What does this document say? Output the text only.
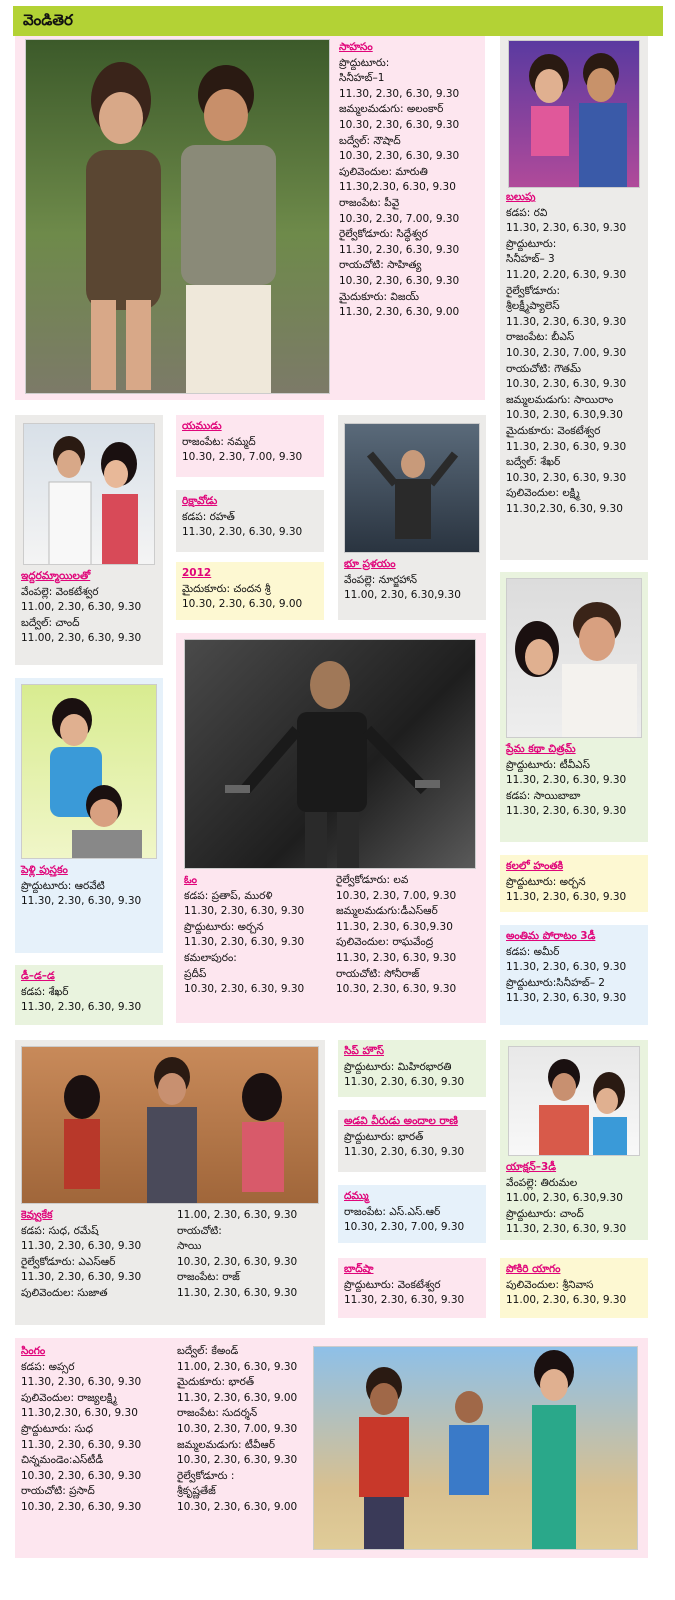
వెండితెర
సాహసం
ప్రొద్దుటూరు:
సినీహబ్–1
11.30, 2.30, 6.30, 9.30
జమ్మలమడుగు: అలంకార్
10.30, 2.30, 6.30, 9.30
బద్వేల్: నౌషాద్
10.30, 2.30, 6.30, 9.30
పులివెందుల: మారుతి
11.30,2.30, 6.30, 9.30
రాజంపేట: పీవై
10.30, 2.30, 7.00, 9.30
రైల్వేకోడూరు: సిద్ధేశ్వర
11.30, 2.30, 6.30, 9.30
రాయచోటి: సాహిత్య
10.30, 2.30, 6.30, 9.30
మైదుకూరు: విజయ్
11.30, 2.30, 6.30, 9.00
బలుపు
కడప: రవి
11.30, 2.30, 6.30, 9.30
ప్రొద్దుటూరు:
సినీహబ్– 3
11.20, 2.20, 6.30, 9.30
రైల్వేకోడూరు:
శ్రీలక్ష్మీప్యాలెస్
11.30, 2.30, 6.30, 9.30
రాజంపేట: బీఎస్
10.30, 2.30, 7.00, 9.30
రాయచోటి: గౌతమ్
10.30, 2.30, 6.30, 9.30
జమ్మలమడుగు: సాయిరాం
10.30, 2.30, 6.30,9.30
మైదుకూరు: వెంకటేశ్వర
11.30, 2.30, 6.30, 9.30
బద్వేల్: శేఖర్
10.30, 2.30, 6.30, 9.30
పులివెందుల: లక్ష్మి
11.30,2.30, 6.30, 9.30
ఇద్దరమ్మాయిలతో
వేంపల్లె: వెంకటేశ్వర
11.00, 2.30, 6.30, 9.30
బద్వేల్: చాంద్
11.00, 2.30, 6.30, 9.30
యముడు
రాజంపేట: నమ్మద్
10.30, 2.30, 7.00, 9.30
రిక్షావోడు
కడప: రహత్
11.30, 2.30, 6.30, 9.30
2012
మైదుకూరు: చందన శ్రీ
10.30, 2.30, 6.30, 9.00
భూ ప్రళయం
వేంపల్లె: నూర్జహాన్
11.00, 2.30, 6.30,9.30
ప్రేమ కథా చిత్రమ్
ప్రొద్దుటూరు: టీవీఎస్
11.30, 2.30, 6.30, 9.30
కడప: సాయిబాబా
11.30, 2.30, 6.30, 9.30
పెళ్లి పుస్తకం
ప్రొద్దుటూరు: ఆరవేటి
11.30, 2.30, 6.30, 9.30
ఓం
కడప: ప్రతాప్, మురళి
11.30, 2.30, 6.30, 9.30
ప్రొద్దుటూరు: అర్చన
11.30, 2.30, 6.30, 9.30
కమలాపురం:
ప్రదీప్
10.30, 2.30, 6.30, 9.30
రైల్వేకోడూరు: లవ
10.30, 2.30, 7.00, 9.30
జమ్మలమడుగు:డీఎస్ఆర్
11.30, 2.30, 6.30,9.30
పులివెందుల: రాఘవేంద్ర
11.30, 2.30, 6.30, 9.30
రాయచోటి: సోనీరాజ్
10.30, 2.30, 6.30, 9.30
కలలో హంతకి
ప్రొద్దుటూరు: అర్చన
11.30, 2.30, 6.30, 9.30
డీ–డ–డ
కడప: శేఖర్
11.30, 2.30, 6.30, 9.30
అంతిమ పోరాటం 3డీ
కడప: అమీర్
11.30, 2.30, 6.30, 9.30
ప్రొద్దుటూరు:సినీహబ్– 2
11.30, 2.30, 6.30, 9.30
కెవ్వుకేక
కడప: సుధ, రమేష్
11.30, 2.30, 6.30, 9.30
రైల్వేకోడూరు: ఎఎస్ఆర్
11.30, 2.30, 6.30, 9.30
పులివెందుల: సుజాత
11.00, 2.30, 6.30, 9.30
రాయచోటి:
సాయి
10.30, 2.30, 6.30, 9.30
రాజంపేట: రాజ్
11.30, 2.30, 6.30, 9.30
సిప్ హౌస్
ప్రొద్దుటూరు: మిహిరభారతి
11.30, 2.30, 6.30, 9.30
అడవి వీరుడు అందాల రాణి
ప్రొద్దుటూరు: భారత్
11.30, 2.30, 6.30, 9.30
యాక్షన్–3డీ
వేంపల్లె: తిరుమల
11.00, 2.30, 6.30,9.30
ప్రొద్దుటూరు: చాంద్
11.30, 2.30, 6.30, 9.30
దమ్ము
రాజంపేట: ఎస్.ఎస్.ఆర్
10.30, 2.30, 7.00, 9.30
బాద్‌షా
ప్రొద్దుటూరు: వెంకటేశ్వర
11.30, 2.30, 6.30, 9.30
పోకిరి యాగం
పులివెందుల: శ్రీనివాస
11.00, 2.30, 6.30, 9.30
సింగం
కడప: అప్సర
11.30, 2.30, 6.30, 9.30
పులివెందుల: రాజ్యలక్ష్మి
11.30,2.30, 6.30, 9.30
ప్రొద్దుటూరు: సుధ
11.30, 2.30, 6.30, 9.30
చిన్నమండెం:ఎస్‌టీడీ
10.30, 2.30, 6.30, 9.30
రాయచోటి: ప్రసాద్
10.30, 2.30, 6.30, 9.30
బద్వేల్: కేఅండ్
11.00, 2.30, 6.30, 9.30
మైదుకూరు: భారత్
11.30, 2.30, 6.30, 9.00
రాజంపేట: సుదర్శన్
10.30, 2.30, 7.00, 9.30
జమ్మలమడుగు: టీవీఆర్
10.30, 2.30, 6.30, 9.30
రైల్వేకోడూరు :
శ్రీకృష్ణతేజ్
10.30, 2.30, 6.30, 9.00
